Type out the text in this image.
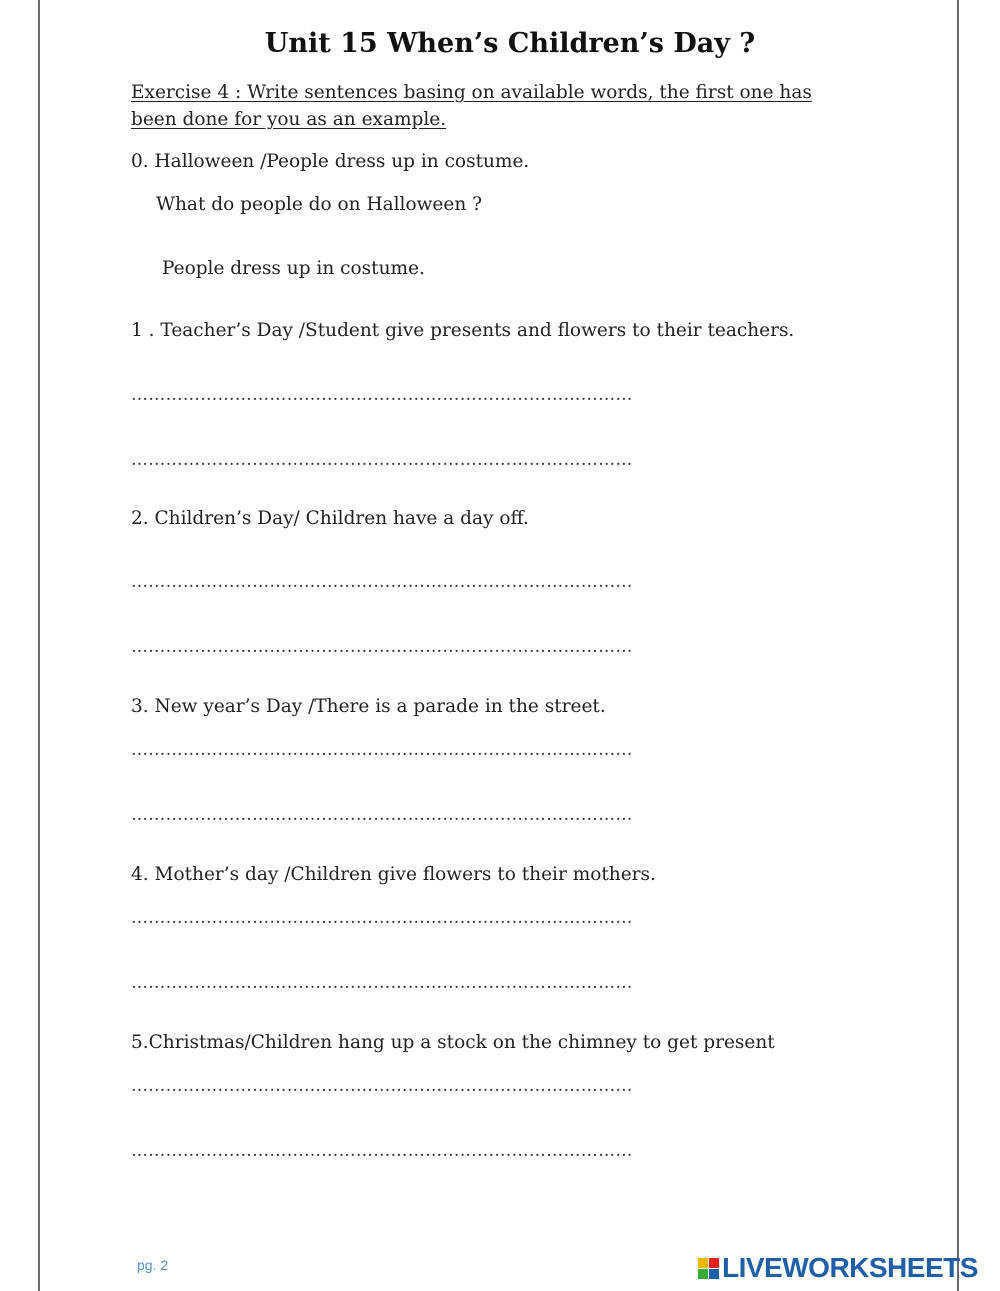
Unit 15 When’s Children’s Day ?
Exercise 4 : Write sentences basing on available words, the first one has
been done for you as an example.
0. Halloween /People dress up in costume.
What do people do on Halloween ?
People dress up in costume.
1 . Teacher’s Day /Student give presents and flowers to their teachers.
……………………………………………………………………………
……………………………………………………………………………
2. Children’s Day/ Children have a day off.
……………………………………………………………………………
……………………………………………………………………………
3. New year’s Day /There is a parade in the street.
……………………………………………………………………………
……………………………………………………………………………
4. Mother’s day /Children give flowers to their mothers.
……………………………………………………………………………
……………………………………………………………………………
5.Christmas/Children hang up a stock on the chimney to get present
……………………………………………………………………………
……………………………………………………………………………
pg. 2	LIVEWORKSHEETS
